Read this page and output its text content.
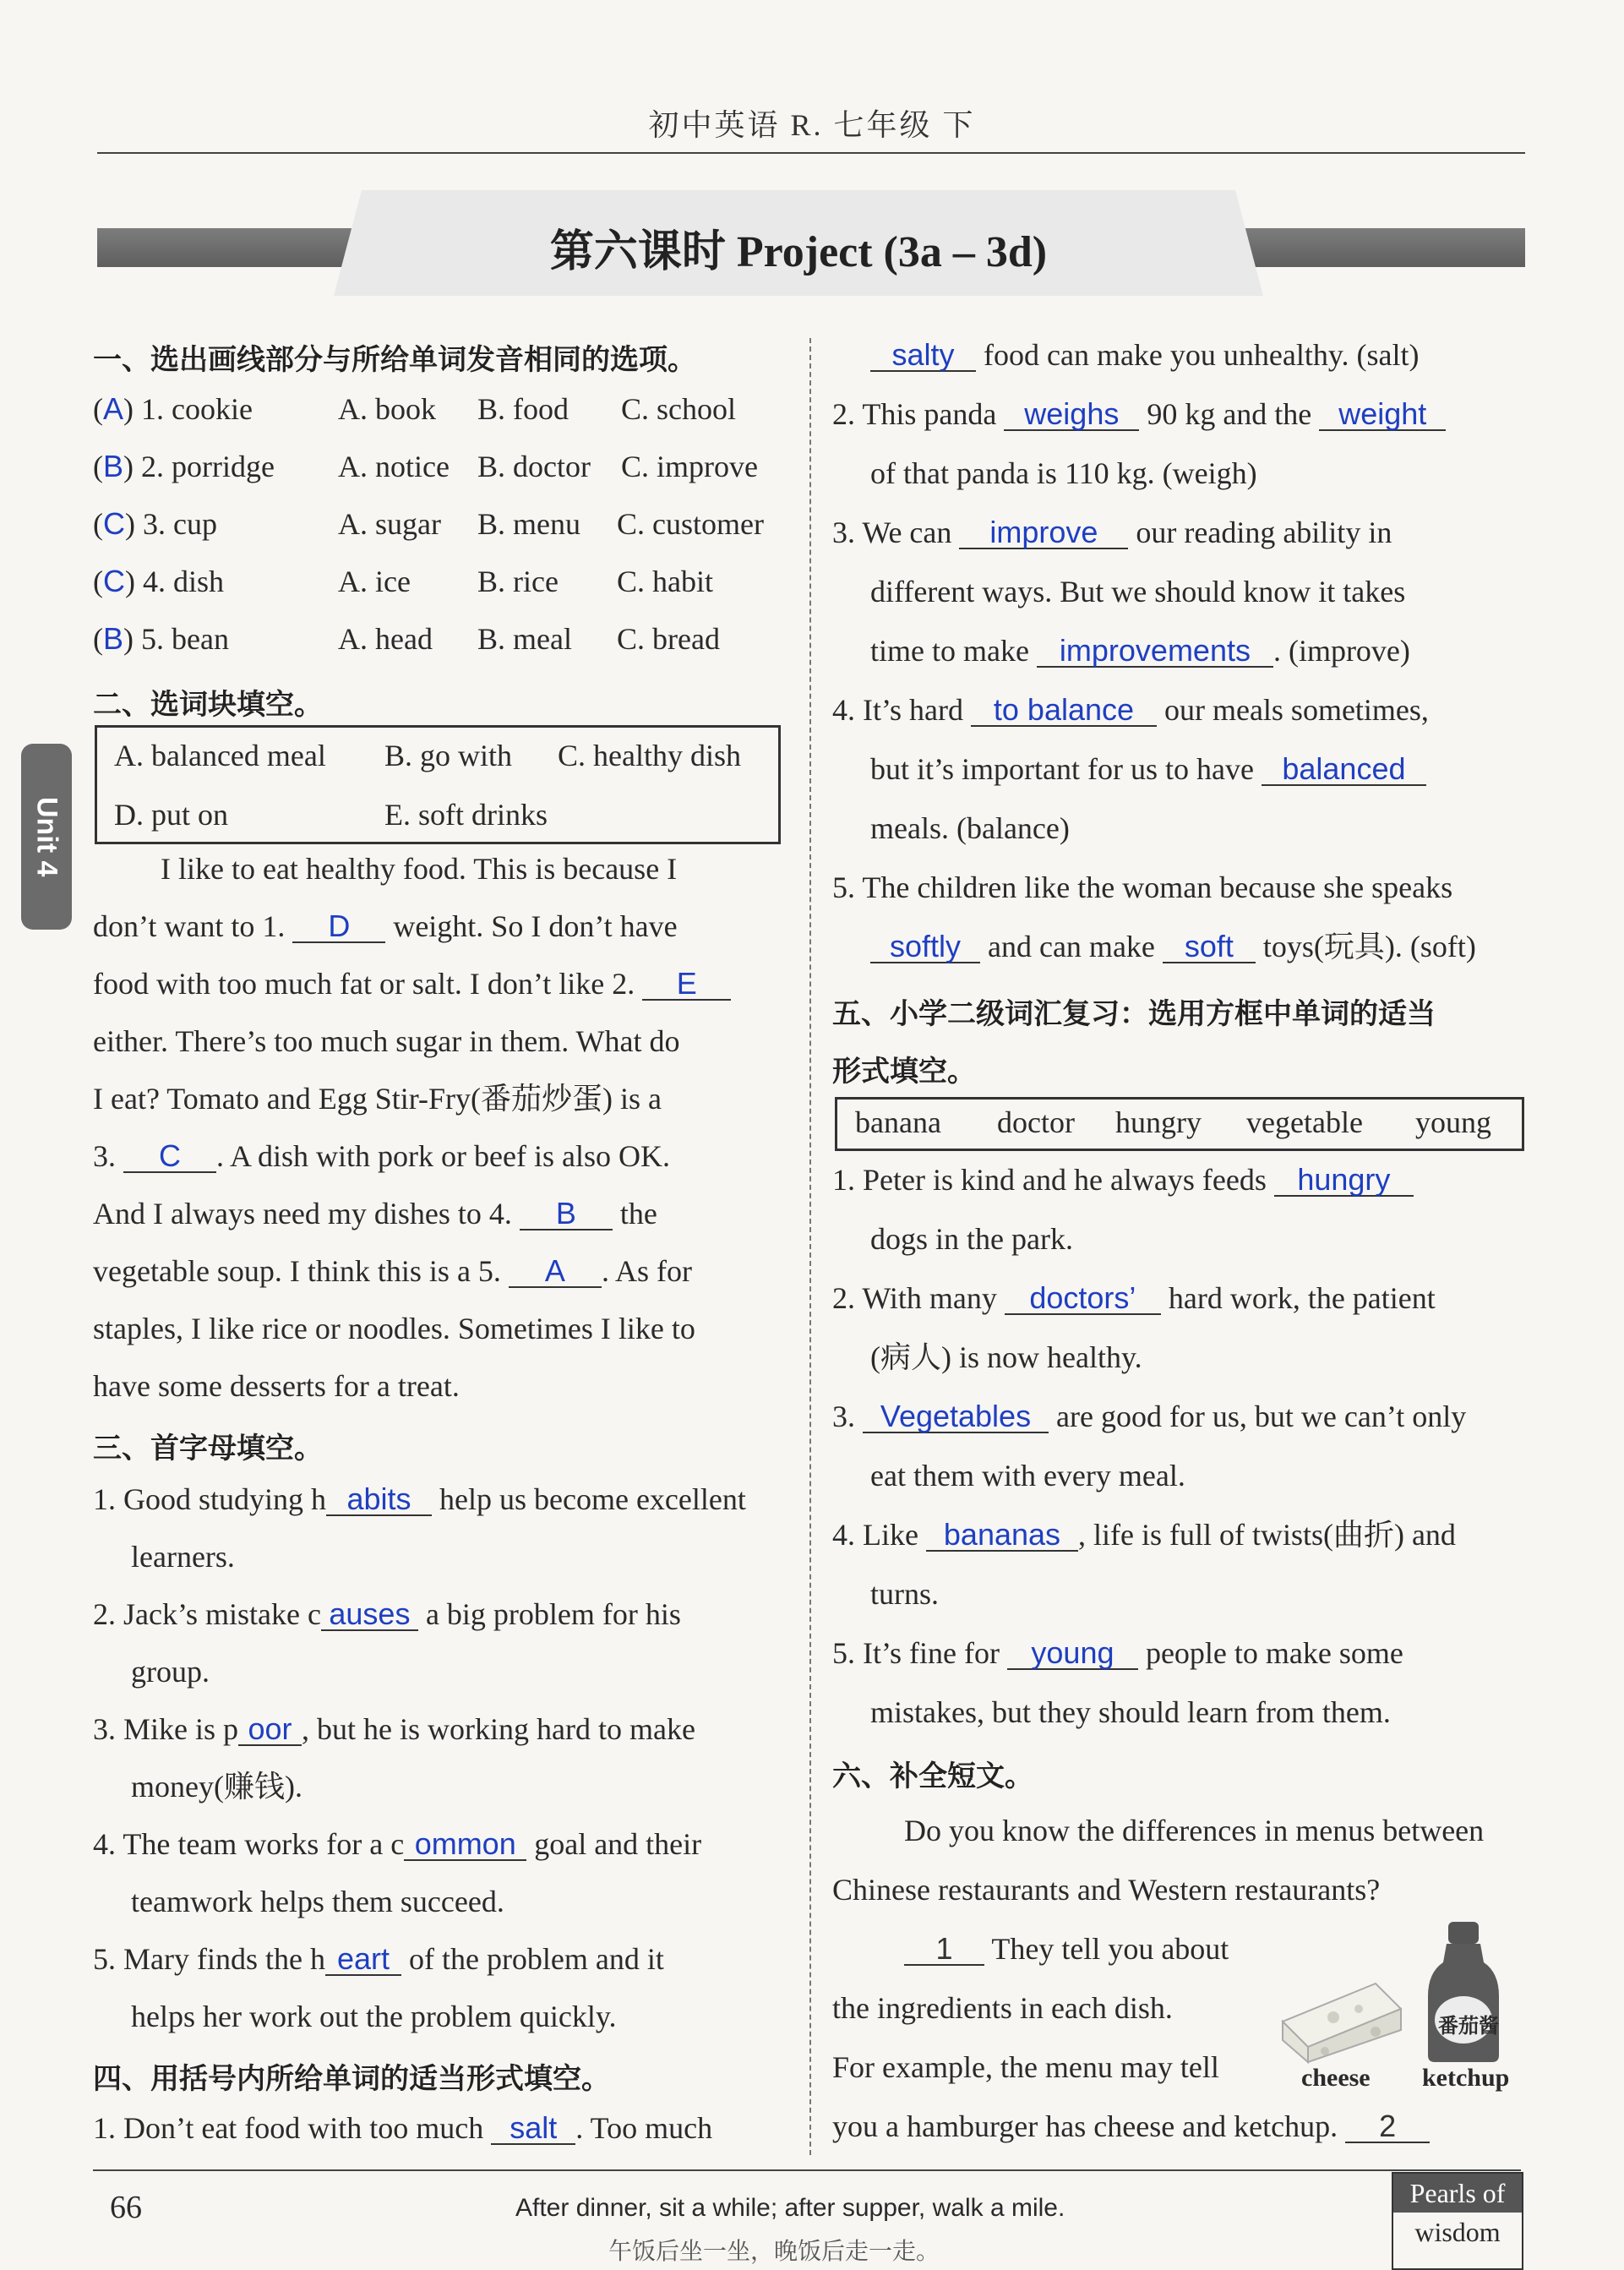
初中英语 R. 七年级 下
第六课时 Project (3a – 3d)
Unit 4
一、选出画线部分与所给单词发音相同的选项。
(A) 1. cookie	A. book B. food C. school
(B) 2. porridge A. notice B. doctor C. improve
(C) 3. cup	A. sugar B. menu C. customer
(C) 4. dish	A. ice B. rice C. habit
(B) 5. bean	A. head B. meal C. bread
二、选词块填空。
A. balanced meal B. go with C. healthy dish
D. put on	E. soft drinks
I like to eat healthy food. This is because I
don’t want to 1. D weight. So I don’t have
food with too much fat or salt. I don’t like 2. E
either. There’s too much sugar in them. What do
I eat? Tomato and Egg Stir-Fry(番茄炒蛋) is a
3. C . A dish with pork or beef is also OK.
And I always need my dishes to 4. B the
vegetable soup. I think this is a 5. A . As for
staples, I like rice or noodles. Sometimes I like to
have some desserts for a treat.
三、首字母填空。
1. Good studying h abits help us become excellent
learners.
2. Jack’s mistake c auses a big problem for his
group.
3. Mike is p oor , but he is working hard to make
money(赚钱).
4. The team works for a c ommon goal and their
teamwork helps them succeed.
5. Mary finds the h eart of the problem and it
helps her work out the problem quickly.
四、用括号内所给单词的适当形式填空。
1. Don’t eat food with too much salt . Too much
salty food can make you unhealthy. (salt)
2. This panda weighs 90 kg and the weight
of that panda is 110 kg. (weigh)
3. We can improve our reading ability in
different ways. But we should know it takes
time to make improvements . (improve)
4. It’s hard to balance our meals sometimes,
but it’s important for us to have balanced
meals. (balance)
5. The children like the woman because she speaks
softly and can make soft toys(玩具). (soft)
五、小学二级词汇复习：选用方框中单词的适当
形式填空。
banana doctor hungry vegetable young
1. Peter is kind and he always feeds hungry
dogs in the park.
2. With many doctors’ hard work, the patient
(病人) is now healthy.
3. Vegetables are good for us, but we can’t only
eat them with every meal.
4. Like bananas , life is full of twists(曲折) and
turns.
5. It’s fine for young people to make some
mistakes, but they should learn from them.
六、补全短文。
Do you know the differences in menus between
Chinese restaurants and Western restaurants?
1 They tell you about
the ingredients in each dish.
For example, the menu may tell
you a hamburger has cheese and ketchup. 2
cheese
番茄酱
ketchup
66	After dinner, sit a while; after supper, walk a mile.
午饭后坐一坐，晚饭后走一走。
Pearls of
wisdom
